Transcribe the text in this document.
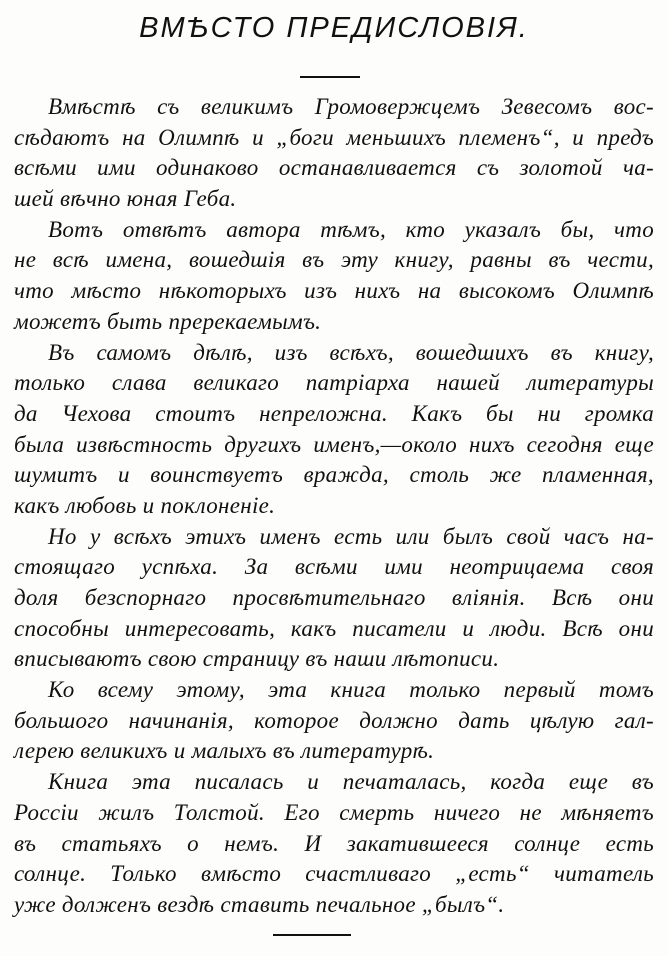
ВМѢСТО ПРЕДИСЛОВІЯ.
Вмѣстѣ съ великимъ Громовержцемъ Зевесомъ вос-
сѣдаютъ на Олимпѣ и „боги меньшихъ племенъ“, и предъ
всѣми ими одинаково останавливается съ золотой ча-
шей вѣчно юная Геба.
Вотъ отвѣтъ автора тѣмъ, кто указалъ бы, что
не всѣ имена, вошедшія въ эту книгу, равны въ чести,
что мѣсто нѣкоторыхъ изъ нихъ на высокомъ Олимпѣ
можетъ быть пререкаемымъ.
Въ самомъ дѣлѣ, изъ всѣхъ, вошедшихъ въ книгу,
только слава великаго патріарха нашей литературы
да Чехова стоитъ непреложна. Какъ бы ни громка
была извѣстность другихъ именъ,—около нихъ сегодня еще
шумитъ и воинствуетъ вражда, столь же пламенная,
какъ любовь и поклоненіе.
Но у всѣхъ этихъ именъ есть или былъ свой часъ на-
стоящаго успѣха. За всѣми ими неотрицаема своя
доля безспорнаго просвѣтительнаго вліянія. Всѣ они
способны интересовать, какъ писатели и люди. Всѣ они
вписываютъ свою страницу въ наши лѣтописи.
Ко всему этому, эта книга только первый томъ
большого начинанія, которое должно дать цѣлую гал-
лерею великихъ и малыхъ въ литературѣ.
Книга эта писалась и печаталась, когда еще въ
Россіи жилъ Толстой. Его смерть ничего не мѣняетъ
въ статьяхъ о немъ. И закатившееся солнце есть
солнце. Только вмѣсто счастливаго „есть“ читатель
уже долженъ вездѣ ставить печальное „былъ“.
